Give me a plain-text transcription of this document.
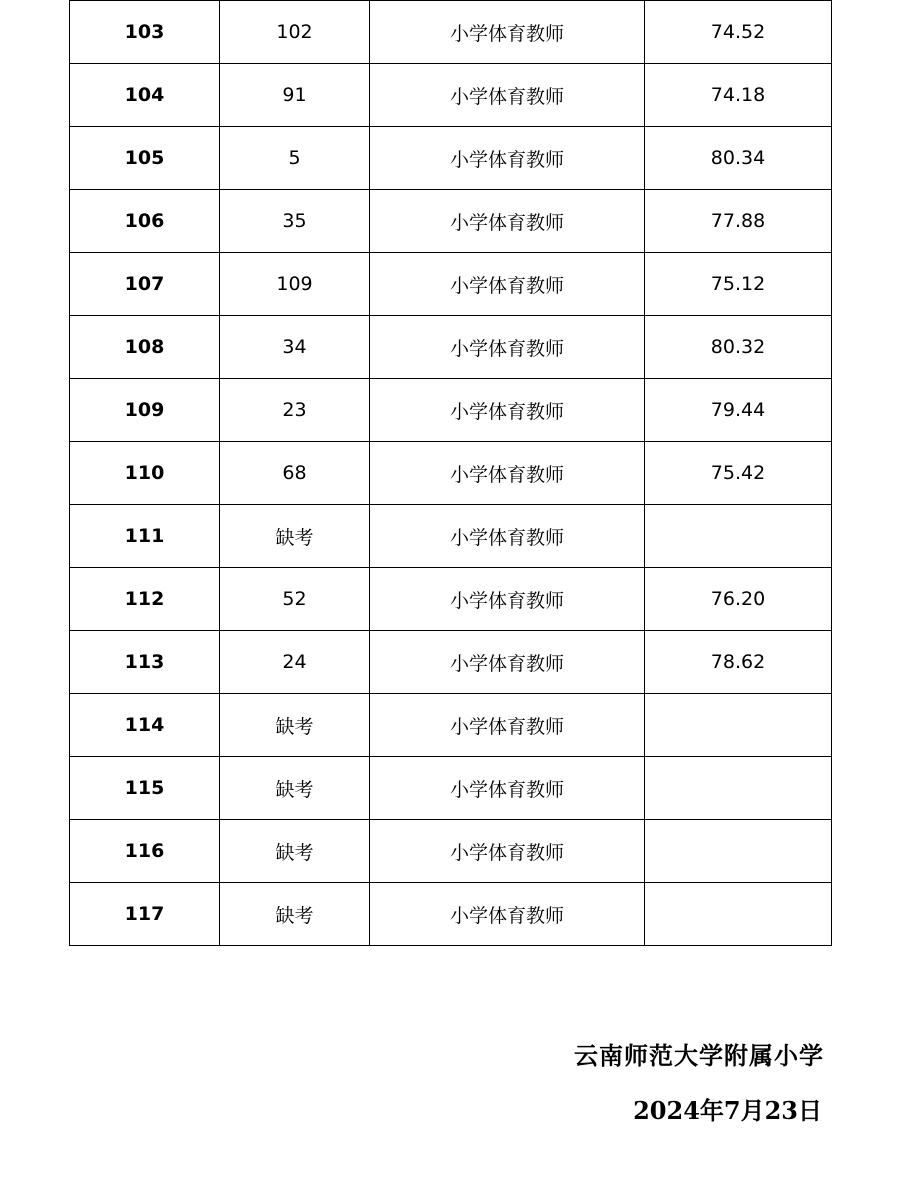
103	102	小学体育教师	74.52
104	91	小学体育教师	74.18
105	5	小学体育教师	80.34
106	35	小学体育教师	77.88
107	109	小学体育教师	75.12
108	34	小学体育教师	80.32
109	23	小学体育教师	79.44
110	68	小学体育教师	75.42
111	缺考	小学体育教师	
112	52	小学体育教师	76.20
113	24	小学体育教师	78.62
114	缺考	小学体育教师	
115	缺考	小学体育教师	
116	缺考	小学体育教师	
117	缺考	小学体育教师	
云南师范大学附属小学
2024年7月23日
